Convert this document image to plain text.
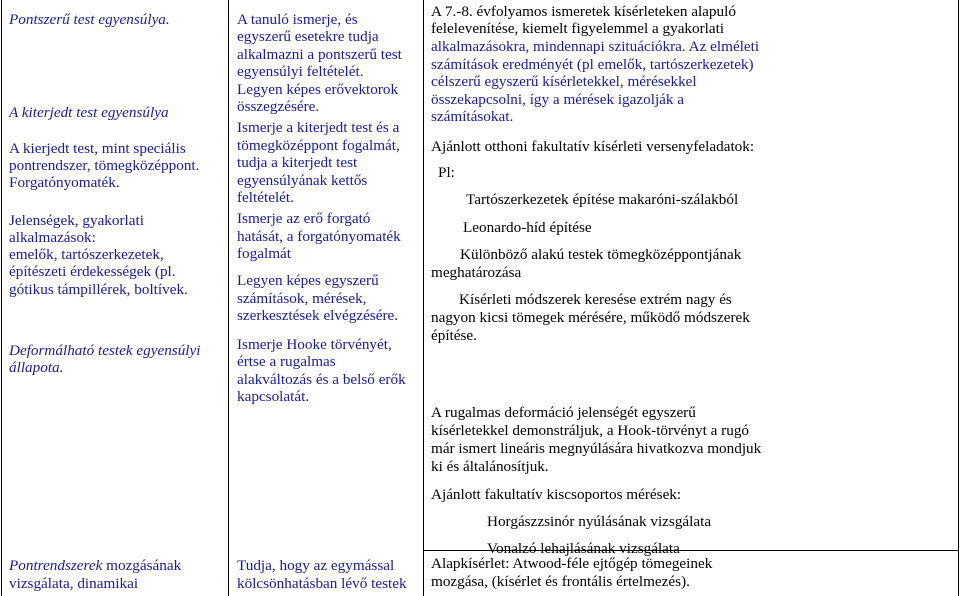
Pontszerű test egyensúlya.

A kiterjedt test egyensúlya

A kierjedt test, mint speciális

pontrendszer, tömegközéppont.

Forgatónyomaték.

Jelenségek, gyakorlati

alkalmazások:

emelők, tartószerkezetek,

építészeti érdekességek (pl.

gótikus támpillérek, boltívek.

Deformálható testek egyensúlyi

állapota.

Pontrendszerek mozgásának

vizsgálata, dinamikai

A tanuló ismerje, és

egyszerű esetekre tudja

alkalmazni a pontszerű test

egyensúlyi feltételét.

Legyen képes erővektorok

összegzésére.

Ismerje a kiterjedt test és a

tömegközéppont fogalmát,

tudja a kiterjedt test

egyensúlyának kettős

feltételét.

Ismerje az erő forgató

hatását, a forgatónyomaték

fogalmát

Legyen képes egyszerű

számítások, mérések,

szerkesztések elvégzésére.

Ismerje Hooke törvényét,

értse a rugalmas

alakváltozás és a belső erők

kapcsolatát.

Tudja, hogy az egymással

kölcsönhatásban lévő testek

A 7.-8. évfolyamos ismeretek kísérleteken alapuló

felelevenítése, kiemelt figyelemmel a gyakorlati

alkalmazásokra, mindennapi szituációkra. Az elméleti

számítások eredményét (pl emelők, tartószerkezetek)

célszerű egyszerű kísérletekkel, mérésekkel

összekapcsolni, így a mérések igazolják a

számításokat.

Ajánlott otthoni fakultatív kísérleti versenyfeladatok:

Pl:

Tartószerkezetek építése makaróni-szálakból

Leonardo-híd építése

Különböző alakú testek tömegközéppontjának

meghatározása

Kísérleti módszerek keresése extrém nagy és

nagyon kicsi tömegek mérésére, működő módszerek

építése.

A rugalmas deformáció jelenségét egyszerű

kísérletekkel demonstráljuk, a Hook-törvényt a rugó

már ismert lineáris megnyúlására hivatkozva mondjuk

ki és általánosítjuk.

Ajánlott fakultatív kiscsoportos mérések:

Horgászzsinór nyúlásának vizsgálata

Vonalzó lehajlásának vizsgálata

Alapkísérlet: Atwood-féle ejtőgép tömegeinek

mozgása, (kísérlet és frontális értelmezés).
